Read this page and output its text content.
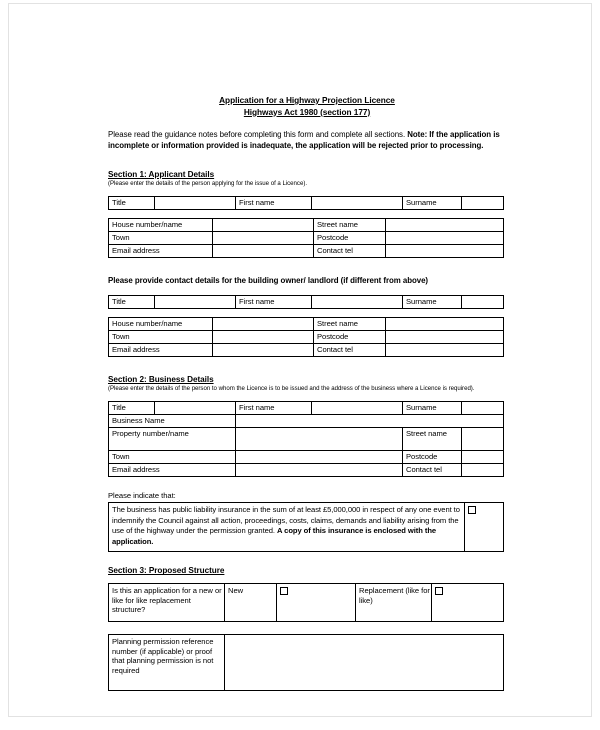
Application for a Highway Projection Licence
Highways Act 1980 (section 177)

Please read the guidance notes before completing this form and complete all sections. Note: If the application is incomplete or information provided is inadequate, the application will be rejected prior to processing.

Section 1: Applicant Details
(Please enter the details of the person applying for the issue of a Licence).
Title		First name		Surname	
House number/name		Street name	
Town		Postcode	
Email address		Contact tel	
Please provide contact details for the building owner/ landlord (if different from above)
Title		First name		Surname	
House number/name		Street name	
Town		Postcode	
Email address		Contact tel	
Section 2: Business Details
(Please enter the details of the person to whom the Licence is to be issued and the address of the business where a Licence is required).
Title		First name		Surname	
Business Name					
Property number/name				Street name	
Town				Postcode	
Email address				Contact tel	
Please indicate that:
The business has public liability insurance in the sum of at least £5,000,000 in respect of any one event to indemnify the Council against all action, proceedings, costs, claims, demands and liability arising from the use of the highway under the permission granted. A copy of this insurance is enclosed with the application.	
Section 3: Proposed Structure
Is this an application for a new or like for like replacement structure?	New		Replacement (like for like)	
Planning permission reference number (if applicable) or proof that planning permission is not required	
